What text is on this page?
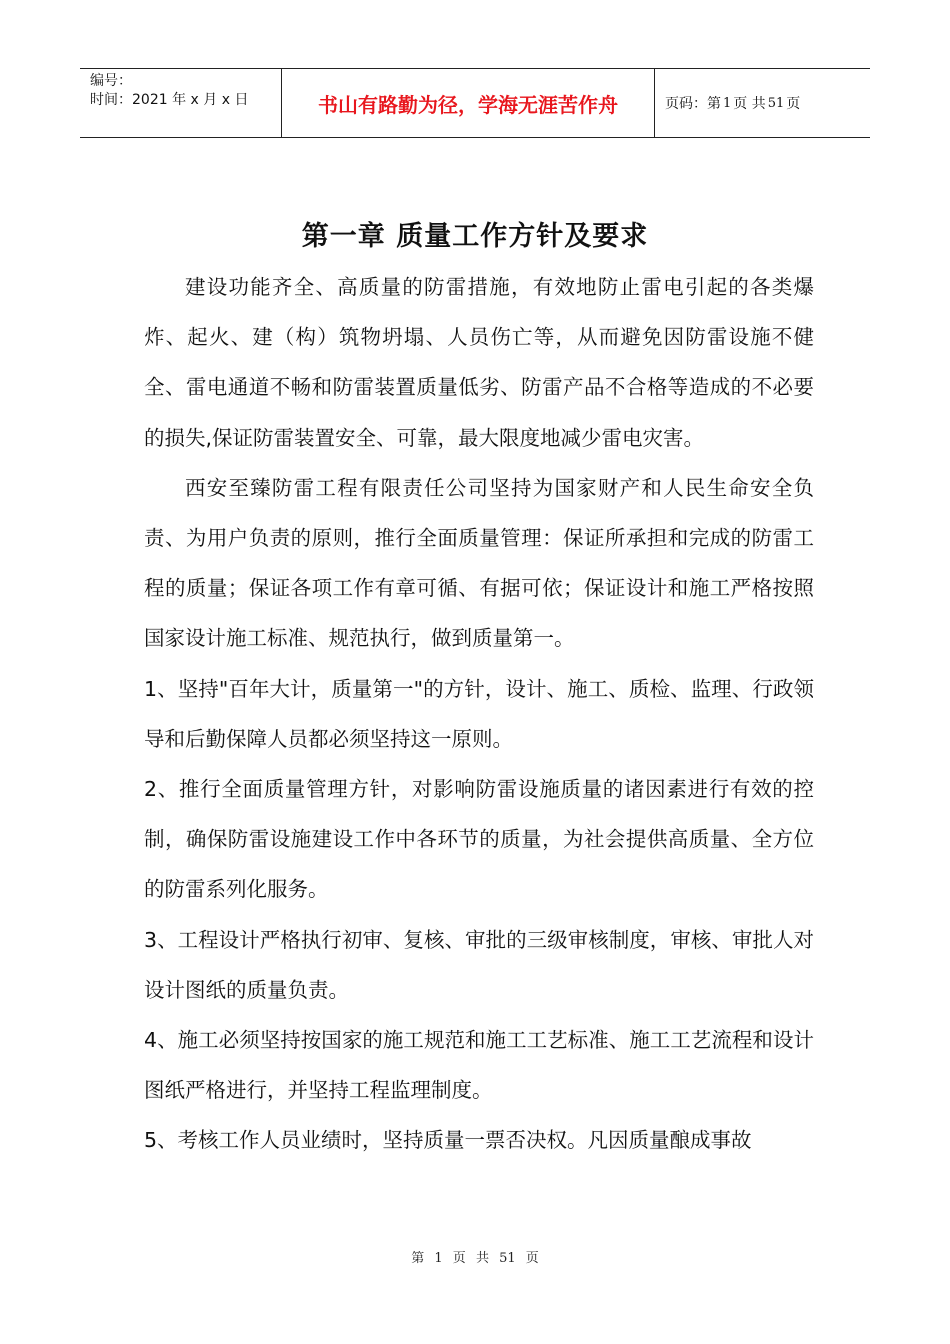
编号：
时间：2021 年 x 月 x 日	书山有路勤为径，学海无涯苦作舟	页码：第 1 页 共 51 页
第一章 质量工作方针及要求

建设功能齐全、高质量的防雷措施，有效地防止雷电引起的各类爆炸、起火、建（构）筑物坍塌、人员伤亡等，从而避免因防雷设施不健全、雷电通道不畅和防雷装置质量低劣、防雷产品不合格等造成的不必要的损失,保证防雷装置安全、可靠，最大限度地减少雷电灾害。

西安至臻防雷工程有限责任公司坚持为国家财产和人民生命安全负责、为用户负责的原则，推行全面质量管理：保证所承担和完成的防雷工程的质量；保证各项工作有章可循、有据可依；保证设计和施工严格按照国家设计施工标准、规范执行，做到质量第一。

1、坚持"百年大计，质量第一"的方针，设计、施工、质检、监理、行政领导和后勤保障人员都必须坚持这一原则。

2、推行全面质量管理方针，对影响防雷设施质量的诸因素进行有效的控制，确保防雷设施建设工作中各环节的质量，为社会提供高质量、全方位的防雷系列化服务。

3、工程设计严格执行初审、复核、审批的三级审核制度，审核、审批人对设计图纸的质量负责。

4、施工必须坚持按国家的施工规范和施工工艺标准、施工工艺流程和设计图纸严格进行，并坚持工程监理制度。

5、考核工作人员业绩时，坚持质量一票否决权。凡因质量酿成事故

第 1 页 共 51 页
